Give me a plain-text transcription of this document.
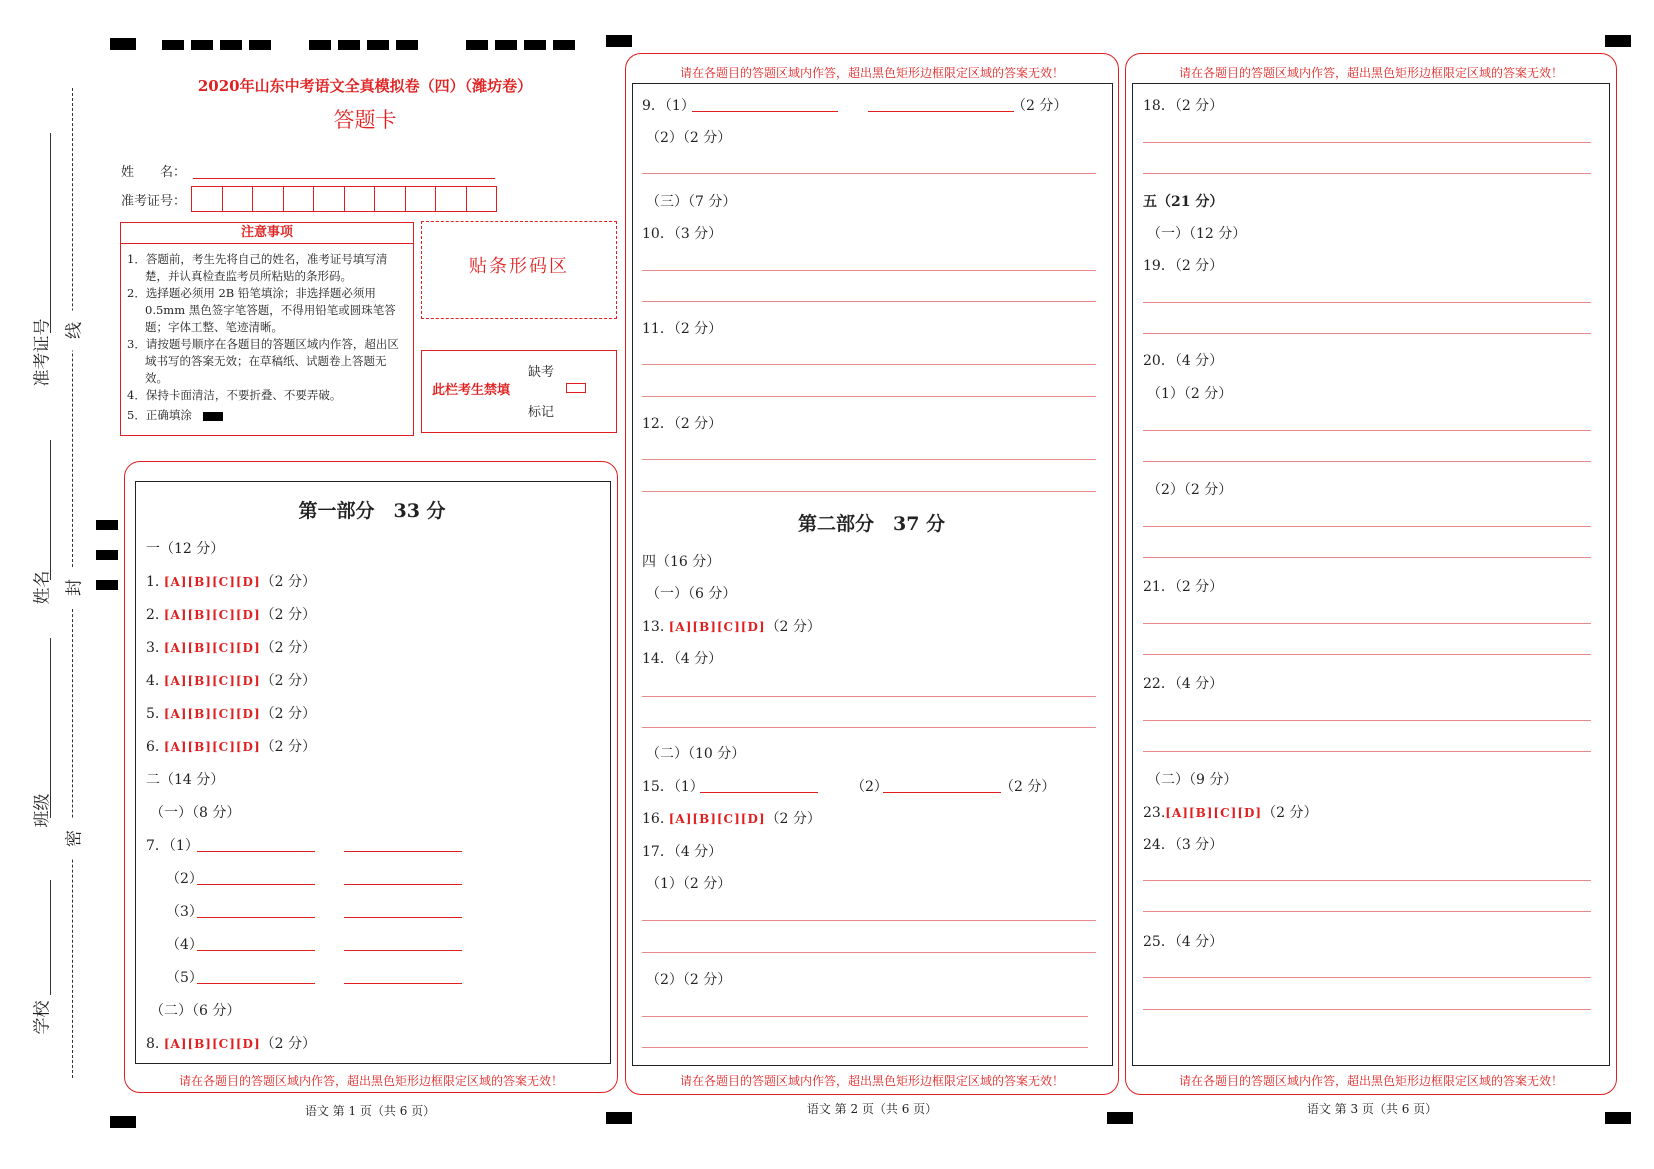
准考证号
姓名
班级
学校
线
封
密
2020年山东中考语文全真模拟卷（四）（潍坊卷）
答题卡
姓　　名：
准考证号：
注意事项
1．答题前，考生先将自己的姓名，准考证号填写清楚，并认真检查监考员所粘贴的条形码。
2．选择题必须用 2B 铅笔填涂；非选择题必须用 0.5mm 黑色签字笔答题，不得用铅笔或圆珠笔答题；字体工整、笔迹清晰。
3．请按题号顺序在各题目的答题区域内作答，超出区域书写的答案无效；在草稿纸、试题卷上答题无效。
4．保持卡面清洁，不要折叠、不要弄破。
5．正确填涂
贴条形码区
此栏考生禁填
缺考
标记
请在各题目的答题区域内作答，超出黑色矩形边框限定区域的答案无效！
第一部分　33 分
一（12 分）
1. [A][B][C][D]（2 分）
2. [A][B][C][D]（2 分）
3. [A][B][C][D]（2 分）
4. [A][B][C][D]（2 分）
5. [A][B][C][D]（2 分）
6. [A][B][C][D]（2 分）
二（14 分）
（一）（8 分）
7．（1）
（2）
（3）
（4）
（5）
（二）（6 分）
8. [A][B][C][D]（2 分）
语文 第 1 页（共 6 页）
请在各题目的答题区域内作答，超出黑色矩形边框限定区域的答案无效！
请在各题目的答题区域内作答，超出黑色矩形边框限定区域的答案无效！
9．（1）	（2 分）
（2）（2 分）
（三）（7 分）
10．（3 分）
11．（2 分）
12．（2 分）
第二部分　37 分
四（16 分）
（一）（6 分）
13. [A][B][C][D]（2 分）
14．（4 分）
（二）（10 分）
15．（1）	（2）	（2 分）
16. [A][B][C][D]（2 分）
17．（4 分）
（1）（2 分）
（2）（2 分）
语文 第 2 页（共 6 页）
请在各题目的答题区域内作答，超出黑色矩形边框限定区域的答案无效！
请在各题目的答题区域内作答，超出黑色矩形边框限定区域的答案无效！
18．（2 分）
五（21 分）
（一）（12 分）
19．（2 分）
20．（4 分）
（1）（2 分）
（2）（2 分）
21．（2 分）
22．（4 分）
（二）（9 分）
23.[A][B][C][D]（2 分）
24．（3 分）
25．（4 分）
语文 第 3 页（共 6 页）
